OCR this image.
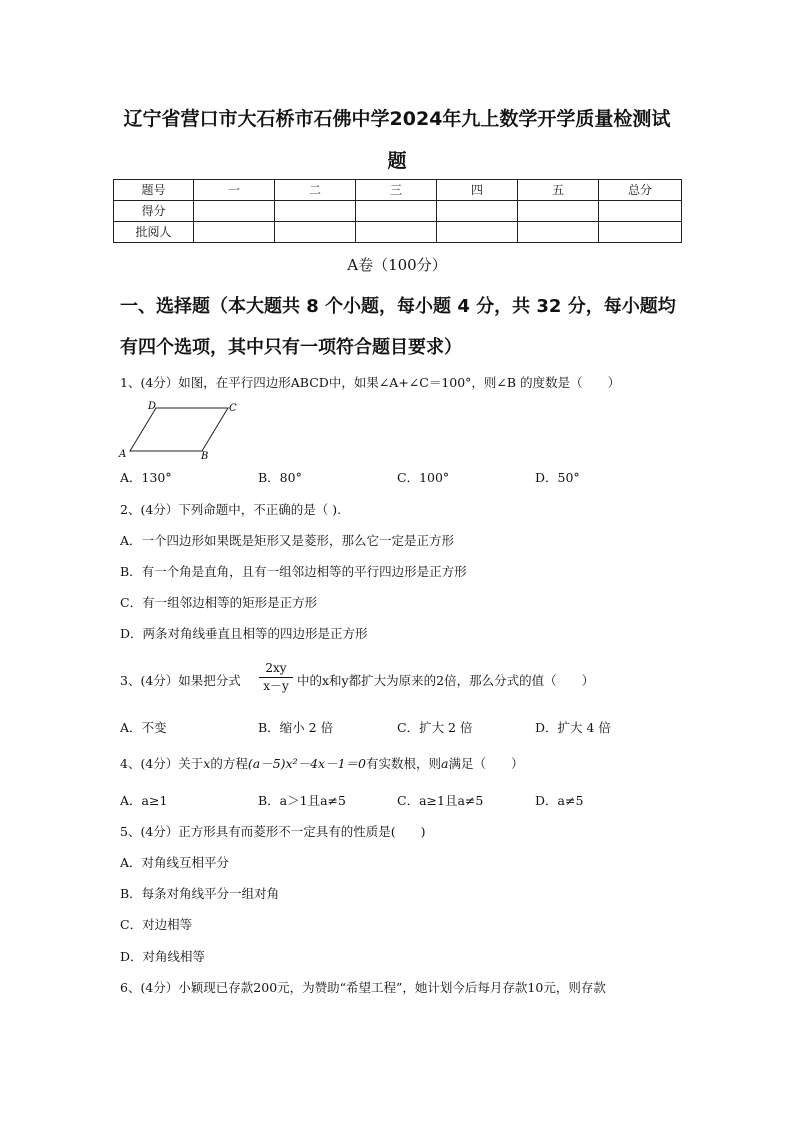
辽宁省营口市大石桥市石佛中学2024年九上数学开学质量检测试
题
题号	一	二	三	四	五	总分
得分						
批阅人						
A卷（100分）
一、选择题（本大题共 8 个小题，每小题 4 分，共 32 分，每小题均
有四个选项，其中只有一项符合题目要求）
1、(4分）如图，在平行四边形ABCD中，如果∠A+∠C＝100°，则∠B 的度数是（　　）
A	B
C
D
A．130°	B．80°	C．100°	D．50°
2、(4分）下列命题中，不正确的是（ ).
A．一个四边形如果既是矩形又是菱形，那么它一定是正方形
B．有一个角是直角，且有一组邻边相等的平行四边形是正方形
C．有一组邻边相等的矩形是正方形
D．两条对角线垂直且相等的四边形是正方形
3、(4分）如果把分式
2xy
x－y 中的x和y都扩大为原来的2倍，那么分式的值（　　）
A．不变	B．缩小 2 倍	C．扩大 2 倍	D．扩大 4 倍
4、(4分）关于x的方程(a－5)x²－4x－1＝0有实数根，则a满足（　　）
A．a≥1	B．a＞1且a≠5	C．a≥1且a≠5	D．a≠5
5、(4分）正方形具有而菱形不一定具有的性质是(　　)
A．对角线互相平分
B．每条对角线平分一组对角
C．对边相等
D．对角线相等
6、(4分）小颖现已存款200元，为赞助“希望工程”，她计划今后每月存款10元，则存款
